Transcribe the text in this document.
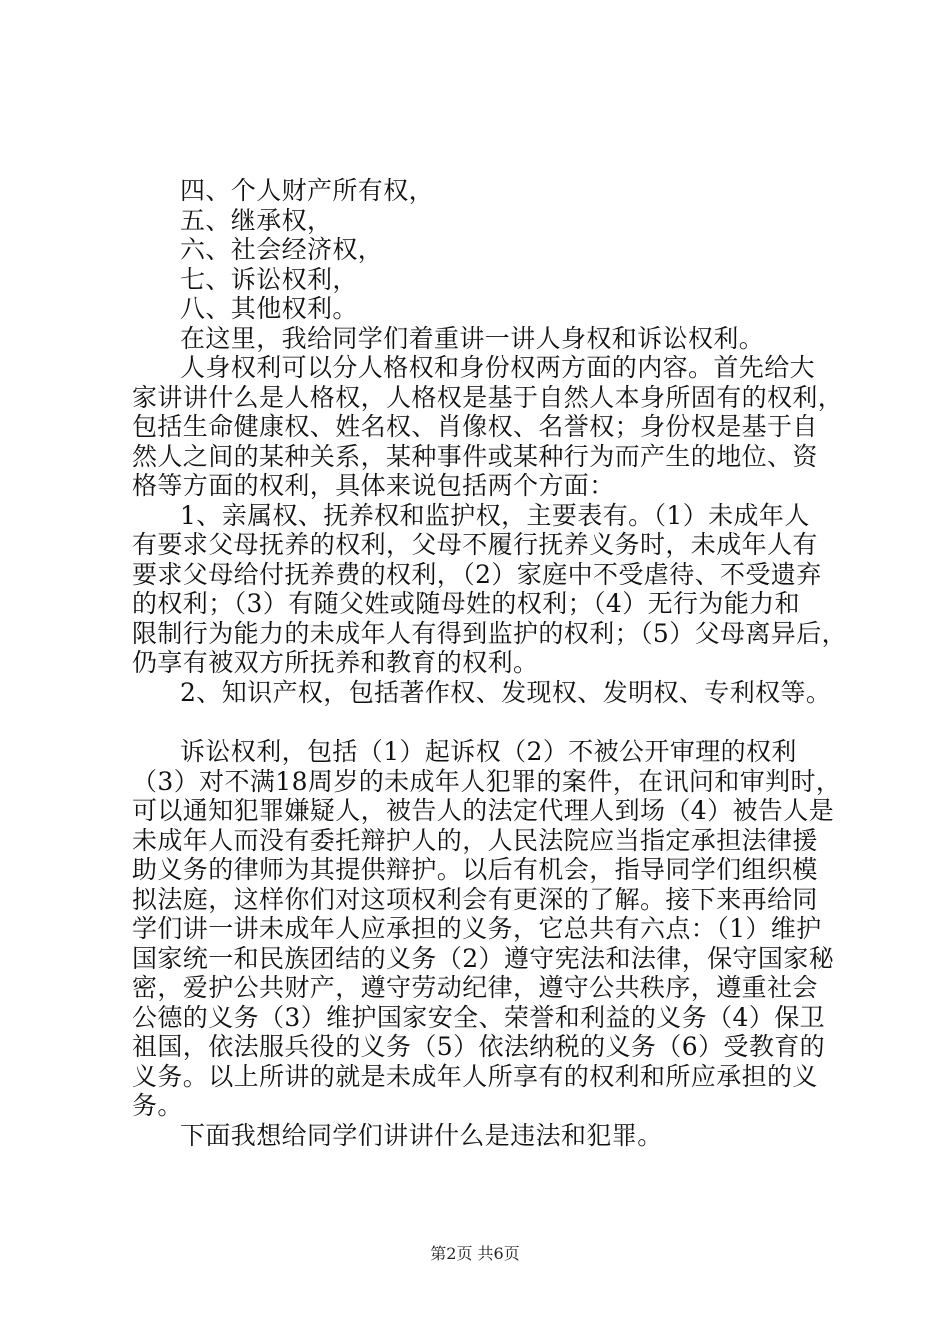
四、个人财产所有权，
五、继承权，
六、社会经济权，
七、诉讼权利，
八、其他权利。
在这里，我给同学们着重讲一讲人身权和诉讼权利。
人身权利可以分人格权和身份权两方面的内容。首先给大
家讲讲什么是人格权，人格权是基于自然人本身所固有的权利，
包括生命健康权、姓名权、肖像权、名誉权；身份权是基于自
然人之间的某种关系，某种事件或某种行为而产生的地位、资
格等方面的权利，具体来说包括两个方面：
1、亲属权、抚养权和监护权，主要表有。（1）未成年人
有要求父母抚养的权利，父母不履行抚养义务时，未成年人有
要求父母给付抚养费的权利，（2）家庭中不受虐待、不受遗弃
的权利；（3）有随父姓或随母姓的权利；（4）无行为能力和
限制行为能力的未成年人有得到监护的权利；（5）父母离异后，
仍享有被双方所抚养和教育的权利。
2、知识产权，包括著作权、发现权、发明权、专利权等。
诉讼权利，包括（1）起诉权（2）不被公开审理的权利
（3）对不满18周岁的未成年人犯罪的案件，在讯问和审判时，
可以通知犯罪嫌疑人，被告人的法定代理人到场（4）被告人是
未成年人而没有委托辩护人的，人民法院应当指定承担法律援
助义务的律师为其提供辩护。以后有机会，指导同学们组织模
拟法庭，这样你们对这项权利会有更深的了解。接下来再给同
学们讲一讲未成年人应承担的义务，它总共有六点：（1）维护
国家统一和民族团结的义务（2）遵守宪法和法律，保守国家秘
密，爱护公共财产，遵守劳动纪律，遵守公共秩序，遵重社会
公德的义务（3）维护国家安全、荣誉和利益的义务（4）保卫
祖国，依法服兵役的义务（5）依法纳税的义务（6）受教育的
义务。以上所讲的就是未成年人所享有的权利和所应承担的义
务。
下面我想给同学们讲讲什么是违法和犯罪。
第2页 共6页
